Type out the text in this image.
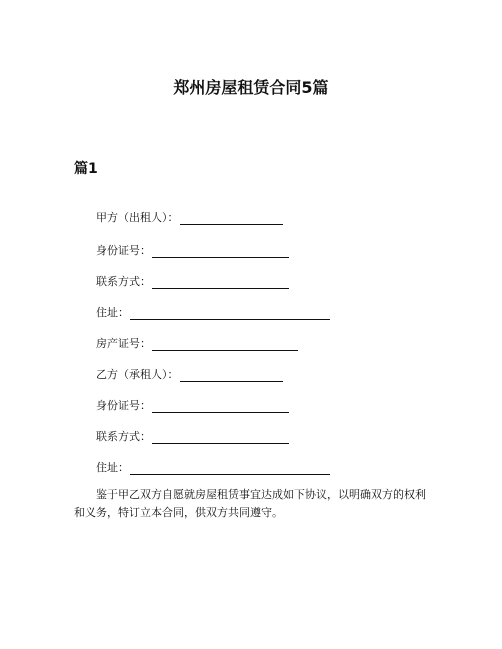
郑州房屋租赁合同5篇
篇1
甲方（出租人）：
身份证号：
联系方式：
住址：
房产证号：
乙方（承租人）：
身份证号：
联系方式：
住址：
鉴于甲乙双方自愿就房屋租赁事宜达成如下协议，以明确双方的权利和义务，特订立本合同，供双方共同遵守。
